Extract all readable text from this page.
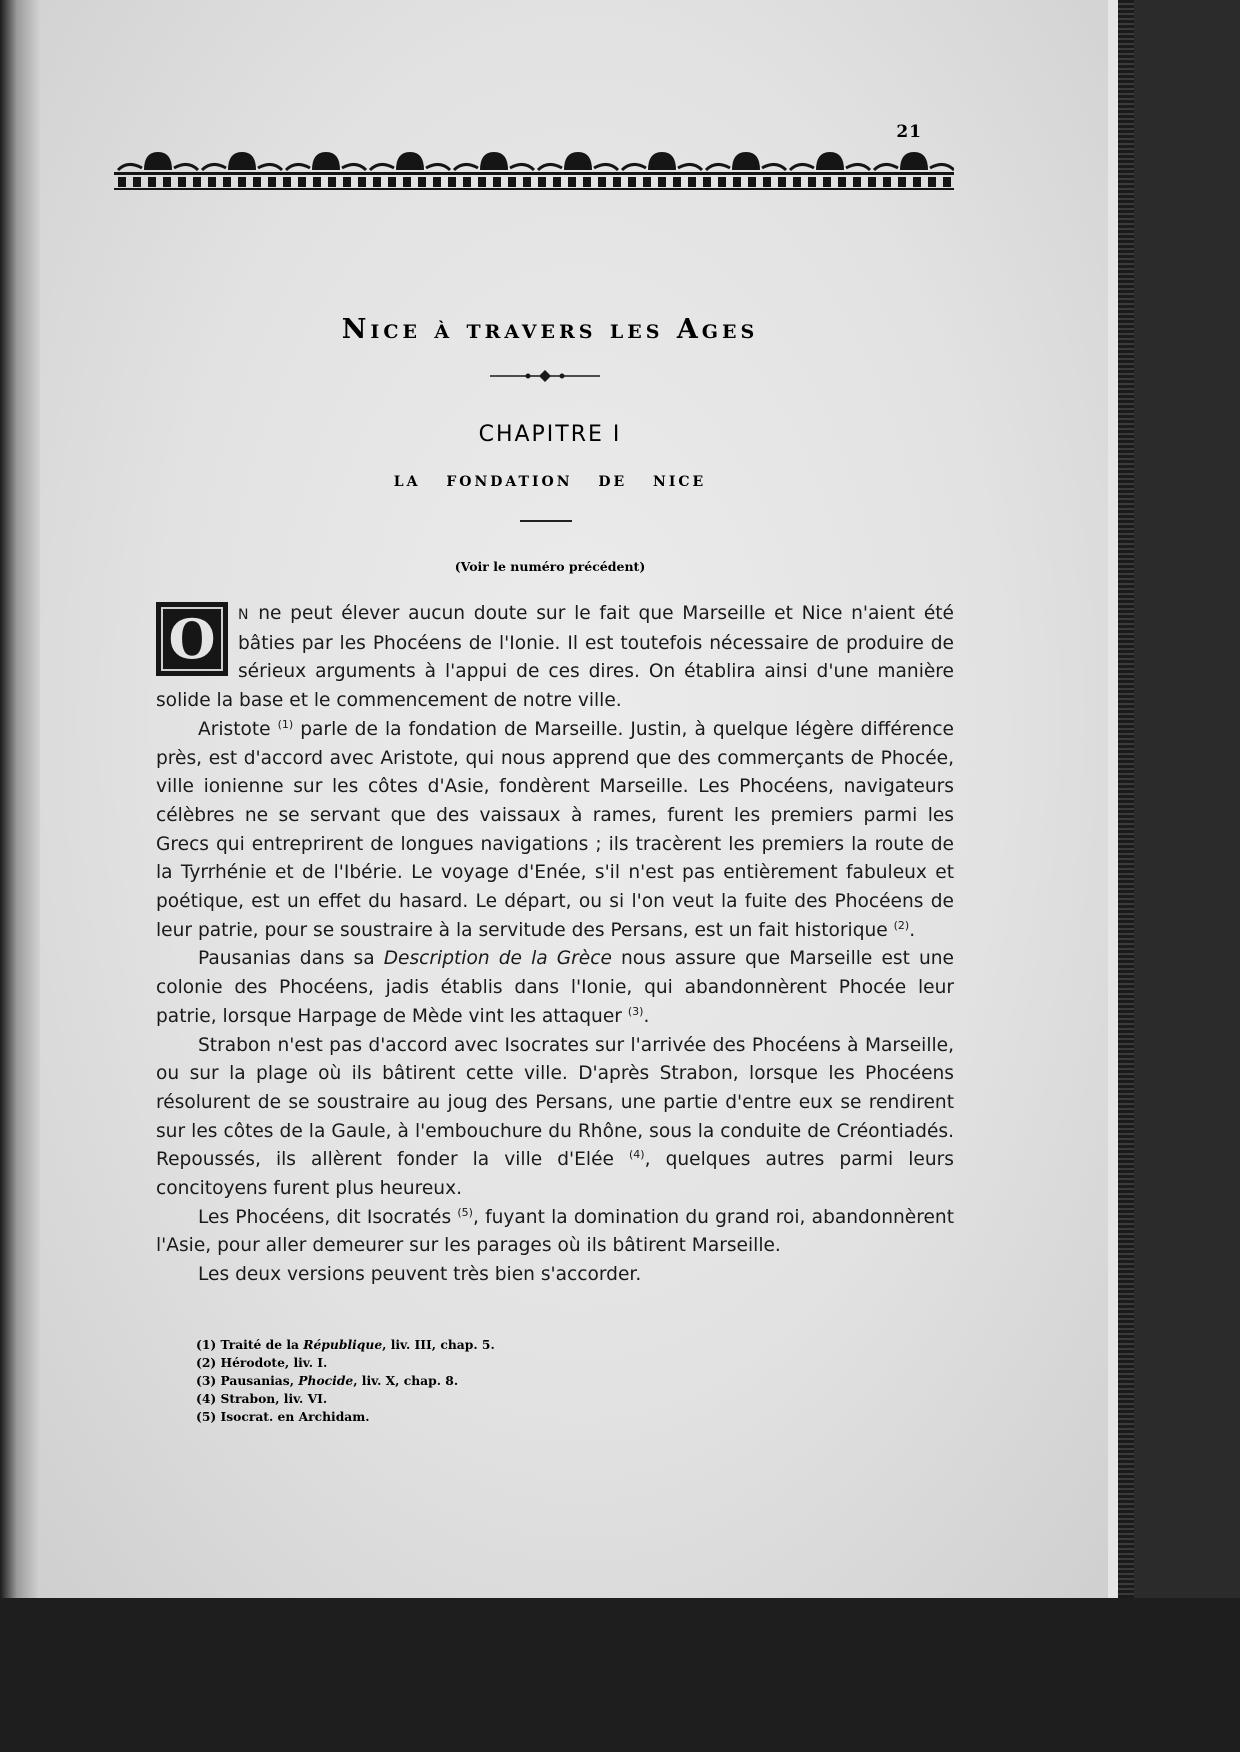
21
Nice à travers les Ages
CHAPITRE I
LA FONDATION DE NICE
(Voir le numéro précédent)

O	N ne peut élever aucun doute sur le fait que Marseille et Nice n'aient été bâties par les Phocéens de l'Ionie. Il est toutefois nécessaire de produire de sérieux arguments à l'appui de ces dires. On établira ainsi d'une manière solide la base et le commencement de notre ville.

Aristote $^{(1)}$ parle de la fondation de Marseille. Justin, à quelque légère différence près, est d'accord avec Aristote, qui nous apprend que des commerçants de Phocée, ville ionienne sur les côtes d'Asie, fondèrent Marseille. Les Phocéens, navigateurs célèbres ne se servant que des vaissaux à rames, furent les premiers parmi les Grecs qui entreprirent de longues navigations ; ils tracèrent les premiers la route de la Tyrrhénie et de l'Ibérie. Le voyage d'Enée, s'il n'est pas entièrement fabuleux et poétique, est un effet du hasard. Le départ, ou si l'on veut la fuite des Phocéens de leur patrie, pour se soustraire à la servitude des Persans, est un fait historique $^{(2)}$.

Pausanias dans sa Description de la Grèce nous assure que Marseille est une colonie des Phocéens, jadis établis dans l'Ionie, qui abandonnèrent Phocée leur patrie, lorsque Harpage de Mède vint les attaquer $^{(3)}$.

Strabon n'est pas d'accord avec Isocrates sur l'arrivée des Phocéens à Marseille, ou sur la plage où ils bâtirent cette ville. D'après Strabon, lorsque les Phocéens résolurent de se soustraire au joug des Persans, une partie d'entre eux se rendirent sur les côtes de la Gaule, à l'embouchure du Rhône, sous la conduite de Créontiadés. Repoussés, ils allèrent fonder la ville d'Elée $^{(4)}$, quelques autres parmi leurs concitoyens furent plus heureux.

Les Phocéens, dit Isocratés $^{(5)}$, fuyant la domination du grand roi, abandonnèrent l'Asie, pour aller demeurer sur les parages où ils bâtirent Marseille.

Les deux versions peuvent très bien s'accorder.

(1) Traité de la République, liv. III, chap. 5.
(2) Hérodote, liv. I.
(3) Pausanias, Phocide, liv. X, chap. 8.
(4) Strabon, liv. VI.
(5) Isocrat. en Archidam.
